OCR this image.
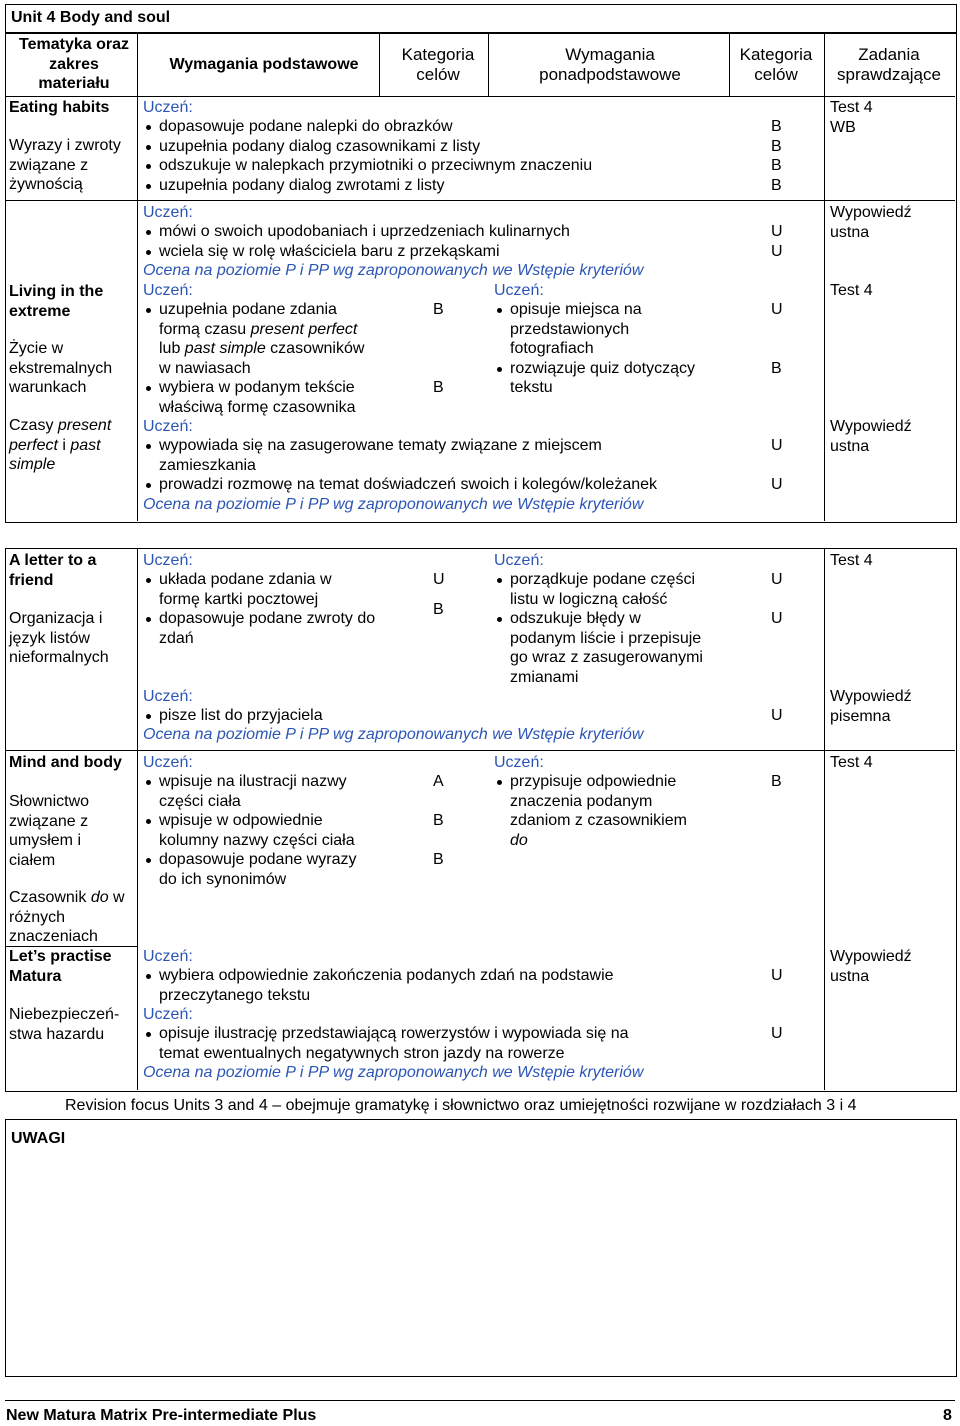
Unit 4 Body and soul
Tematyka oraz zakres materiału
Wymagania podstawowe
Kategoria celów
Wymagania ponadpodstawowe
Kategoria celów
Zadania sprawdzające
Eating habits
Wyrazy i zwroty związane z żywnością
Uczeń:
dopasowuje podane nalepki do obrazków
uzupełnia podany dialog czasownikami z listy
odszukuje w nalepkach przymiotniki o przeciwnym znaczeniu
uzupełnia podany dialog zwrotami z listy
B
B
B
B
Test 4
WB
Living in the extreme
Życie w ekstremalnych warunkach
Czasy present perfect i past simple
Uczeń:
mówi o swoich upodobaniach i uprzedzeniach kulinarnych
wciela się w rolę właściciela baru z przekąskami
Ocena na poziomie P i PP wg zaproponowanych we Wstępie kryteriów
U
U
Wypowiedź
ustna
Uczeń:
uzupełnia podane zdania
formą czasu present perfect
lub past simple czasowników
w nawiasach
wybiera w podanym tekście
właściwą formę czasownika
B
B
Uczeń:
opisuje miejsca na
przedstawionych
fotografiach
rozwiązuje quiz dotyczący
tekstu
U
B
Test 4
Uczeń:
wypowiada się na zasugerowane tematy związane z miejscem
zamieszkania
prowadzi rozmowę na temat doświadczeń swoich i kolegów/koleżanek
Ocena na poziomie P i PP wg zaproponowanych we Wstępie kryteriów
U
U
Wypowiedź
ustna
A letter to a friend
Organizacja i język listów nieformalnych
Uczeń:
układa podane zdania w
formę kartki pocztowej
dopasowuje podane zwroty do
zdań
U
B
Uczeń:
porządkuje podane części
listu w logiczną całość
odszukuje błędy w
podanym liście i przepisuje
go wraz z zasugerowanymi
zmianami
U
U
Test 4
Uczeń:
pisze list do przyjaciela
Ocena na poziomie P i PP wg zaproponowanych we Wstępie kryteriów
U
Wypowiedź
pisemna
Mind and body
Słownictwo związane z umysłem i ciałem
Czasownik do w różnych znaczeniach
Uczeń:
wpisuje na ilustracji nazwy
części ciała
wpisuje w odpowiednie
kolumny nazwy części ciała
dopasowuje podane wyrazy
do ich synonimów
A
B
B
Uczeń:
przypisuje odpowiednie
znaczenia podanym
zdaniom z czasownikiem
do
B
Test 4
Let’s practise Matura
Niebezpieczeń-stwa hazardu
Uczeń:
wybiera odpowiednie zakończenia podanych zdań na podstawie
przeczytanego tekstu
Uczeń:
opisuje ilustrację przedstawiającą rowerzystów i wypowiada się na
temat ewentualnych negatywnych stron jazdy na rowerze
Ocena na poziomie P i PP wg zaproponowanych we Wstępie kryteriów
U
U
Wypowiedź
ustna
Revision focus Units 3 and 4 – obejmuje gramatykę i słownictwo oraz umiejętności rozwijane w rozdziałach 3 i 4
UWAGI
New Matura Matrix Pre-intermediate Plus	8
